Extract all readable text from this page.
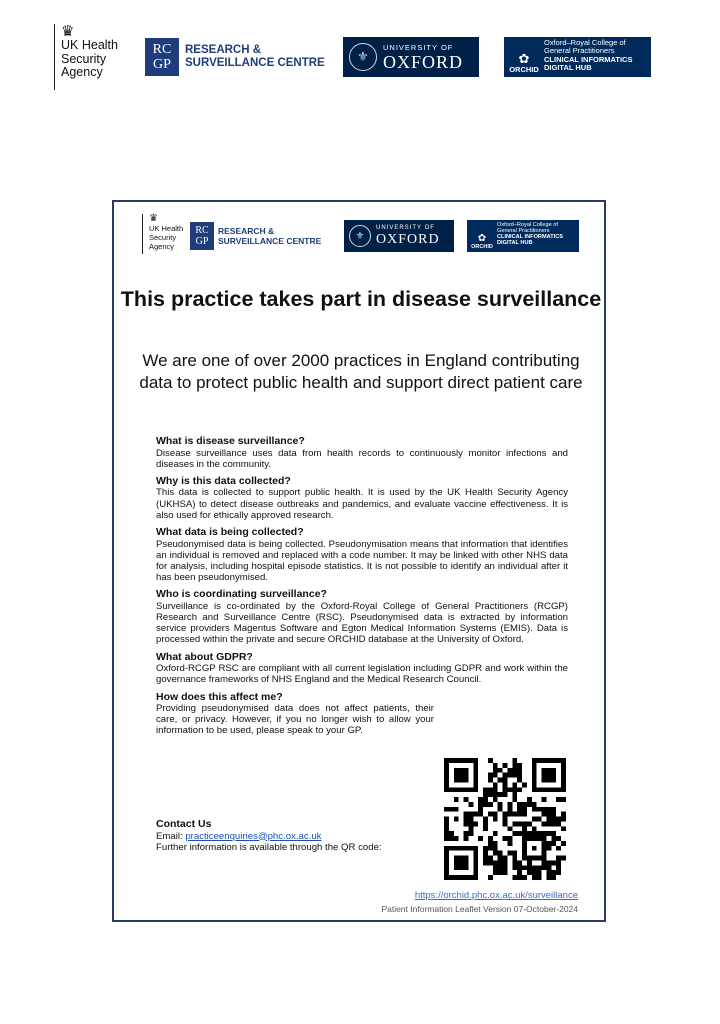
♛
UK Health
Security
Agency
RC
GP
RESEARCH &
SURVEILLANCE CENTRE	⚜
UNIVERSITY OF
OXFORD	✿
ORCHID
Oxford–Royal College of
General Practitioners
CLINICAL INFORMATICS
DIGITAL HUB
♛
UK Health
Security
Agency
RC
GP
RESEARCH &
SURVEILLANCE CENTRE	⚜
UNIVERSITY OF
OXFORD	✿
ORCHID
Oxford–Royal College of
General Practitioners
CLINICAL INFORMATICS
DIGITAL HUB
This practice takes part in disease surveillance

We are one of over 2000 practices in England contributing data to protect public health and support direct patient care

What is disease surveillance?

Disease surveillance uses data from health records to continuously monitor infections and diseases in the community.

Why is this data collected?

This data is collected to support public health. It is used by the UK Health Security Agency (UKHSA) to detect disease outbreaks and pandemics, and evaluate vaccine effectiveness. It is also used for ethically approved research.

What data is being collected?

Pseudonymised data is being collected. Pseudonymisation means that information that identifies an individual is removed and replaced with a code number. It may be linked with other NHS data for analysis, including hospital episode statistics. It is not possible to identify an individual after it has been pseudonymised.

Who is coordinating surveillance?

Surveillance is co-ordinated by the Oxford-Royal College of General Practitioners (RCGP) Research and Surveillance Centre (RSC). Pseudonymised data is extracted by information service providers Magentus Software and Egton Medical Information Systems (EMIS). Data is processed within the private and secure ORCHID database at the University of Oxford.

What about GDPR?

Oxford-RCGP RSC are compliant with all current legislation including GDPR and work within the governance frameworks of NHS England and the Medical Research Council.

How does this affect me?

Providing pseudonymised data does not affect patients, their care, or privacy. However, if you no longer wish to allow your information to be used, please speak to your GP.

Contact Us
Email: practiceenquiries@phc.ox.ac.uk
Further information is available through the QR code:
https://orchid.phc.ox.ac.uk/surveillance
Patient Information Leaflet Version 07-October-2024
